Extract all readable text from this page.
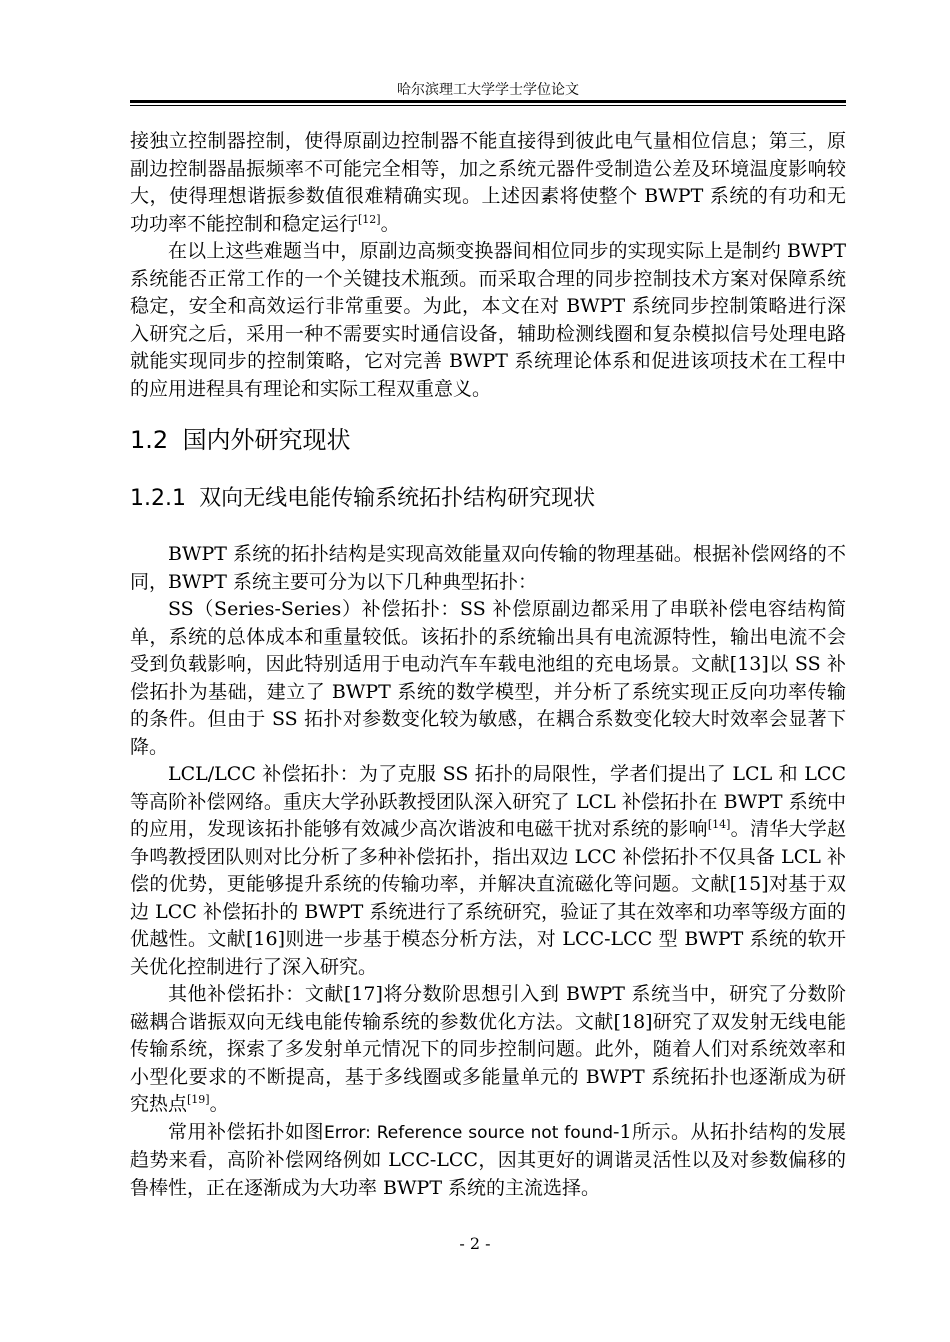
哈尔滨理工大学学士学位论文

接独立控制器控制，使得原副边控制器不能直接得到彼此电气量相位信息；第三，原副边控制器晶振频率不可能完全相等，加之系统元器件受制造公差及环境温度影响较大，使得理想谐振参数值很难精确实现。上述因素将使整个 BWPT 系统的有功和无功功率不能控制和稳定运行[12]。

在以上这些难题当中，原副边高频变换器间相位同步的实现实际上是制约 BWPT 系统能否正常工作的一个关键技术瓶颈。而采取合理的同步控制技术方案对保障系统稳定，安全和高效运行非常重要。为此，本文在对 BWPT 系统同步控制策略进行深入研究之后，采用一种不需要实时通信设备，辅助检测线圈和复杂模拟信号处理电路就能实现同步的控制策略，它对完善 BWPT 系统理论体系和促进该项技术在工程中的应用进程具有理论和实际工程双重意义。

1.2 国内外研究现状
1.2.1 双向无线电能传输系统拓扑结构研究现状

BWPT 系统的拓扑结构是实现高效能量双向传输的物理基础。根据补偿网络的不同，BWPT 系统主要可分为以下几种典型拓扑：

SS（Series-Series）补偿拓扑：SS 补偿原副边都采用了串联补偿电容结构简单，系统的总体成本和重量较低。该拓扑的系统输出具有电流源特性，输出电流不会受到负载影响，因此特别适用于电动汽车车载电池组的充电场景。文献[13]以 SS 补偿拓扑为基础，建立了 BWPT 系统的数学模型，并分析了系统实现正反向功率传输的条件。但由于 SS 拓扑对参数变化较为敏感，在耦合系数变化较大时效率会显著下降。

LCL/LCC 补偿拓扑：为了克服 SS 拓扑的局限性，学者们提出了 LCL 和 LCC 等高阶补偿网络。重庆大学孙跃教授团队深入研究了 LCL 补偿拓扑在 BWPT 系统中的应用，发现该拓扑能够有效减少高次谐波和电磁干扰对系统的影响[14]。清华大学赵争鸣教授团队则对比分析了多种补偿拓扑，指出双边 LCC 补偿拓扑不仅具备 LCL 补偿的优势，更能够提升系统的传输功率，并解决直流磁化等问题。文献[15]对基于双边 LCC 补偿拓扑的 BWPT 系统进行了系统研究，验证了其在效率和功率等级方面的优越性。文献[16]则进一步基于模态分析方法，对 LCC-LCC 型 BWPT 系统的软开关优化控制进行了深入研究。

其他补偿拓扑：文献[17]将分数阶思想引入到 BWPT 系统当中，研究了分数阶磁耦合谐振双向无线电能传输系统的参数优化方法。文献[18]研究了双发射无线电能传输系统，探索了多发射单元情况下的同步控制问题。此外，随着人们对系统效率和小型化要求的不断提高，基于多线圈或多能量单元的 BWPT 系统拓扑也逐渐成为研究热点[19]。

常用补偿拓扑如图Error: Reference source not found-1所示。从拓扑结构的发展趋势来看，高阶补偿网络例如 LCC-LCC，因其更好的调谐灵活性以及对参数偏移的鲁棒性，正在逐渐成为大功率 BWPT 系统的主流选择。

- 2 -
